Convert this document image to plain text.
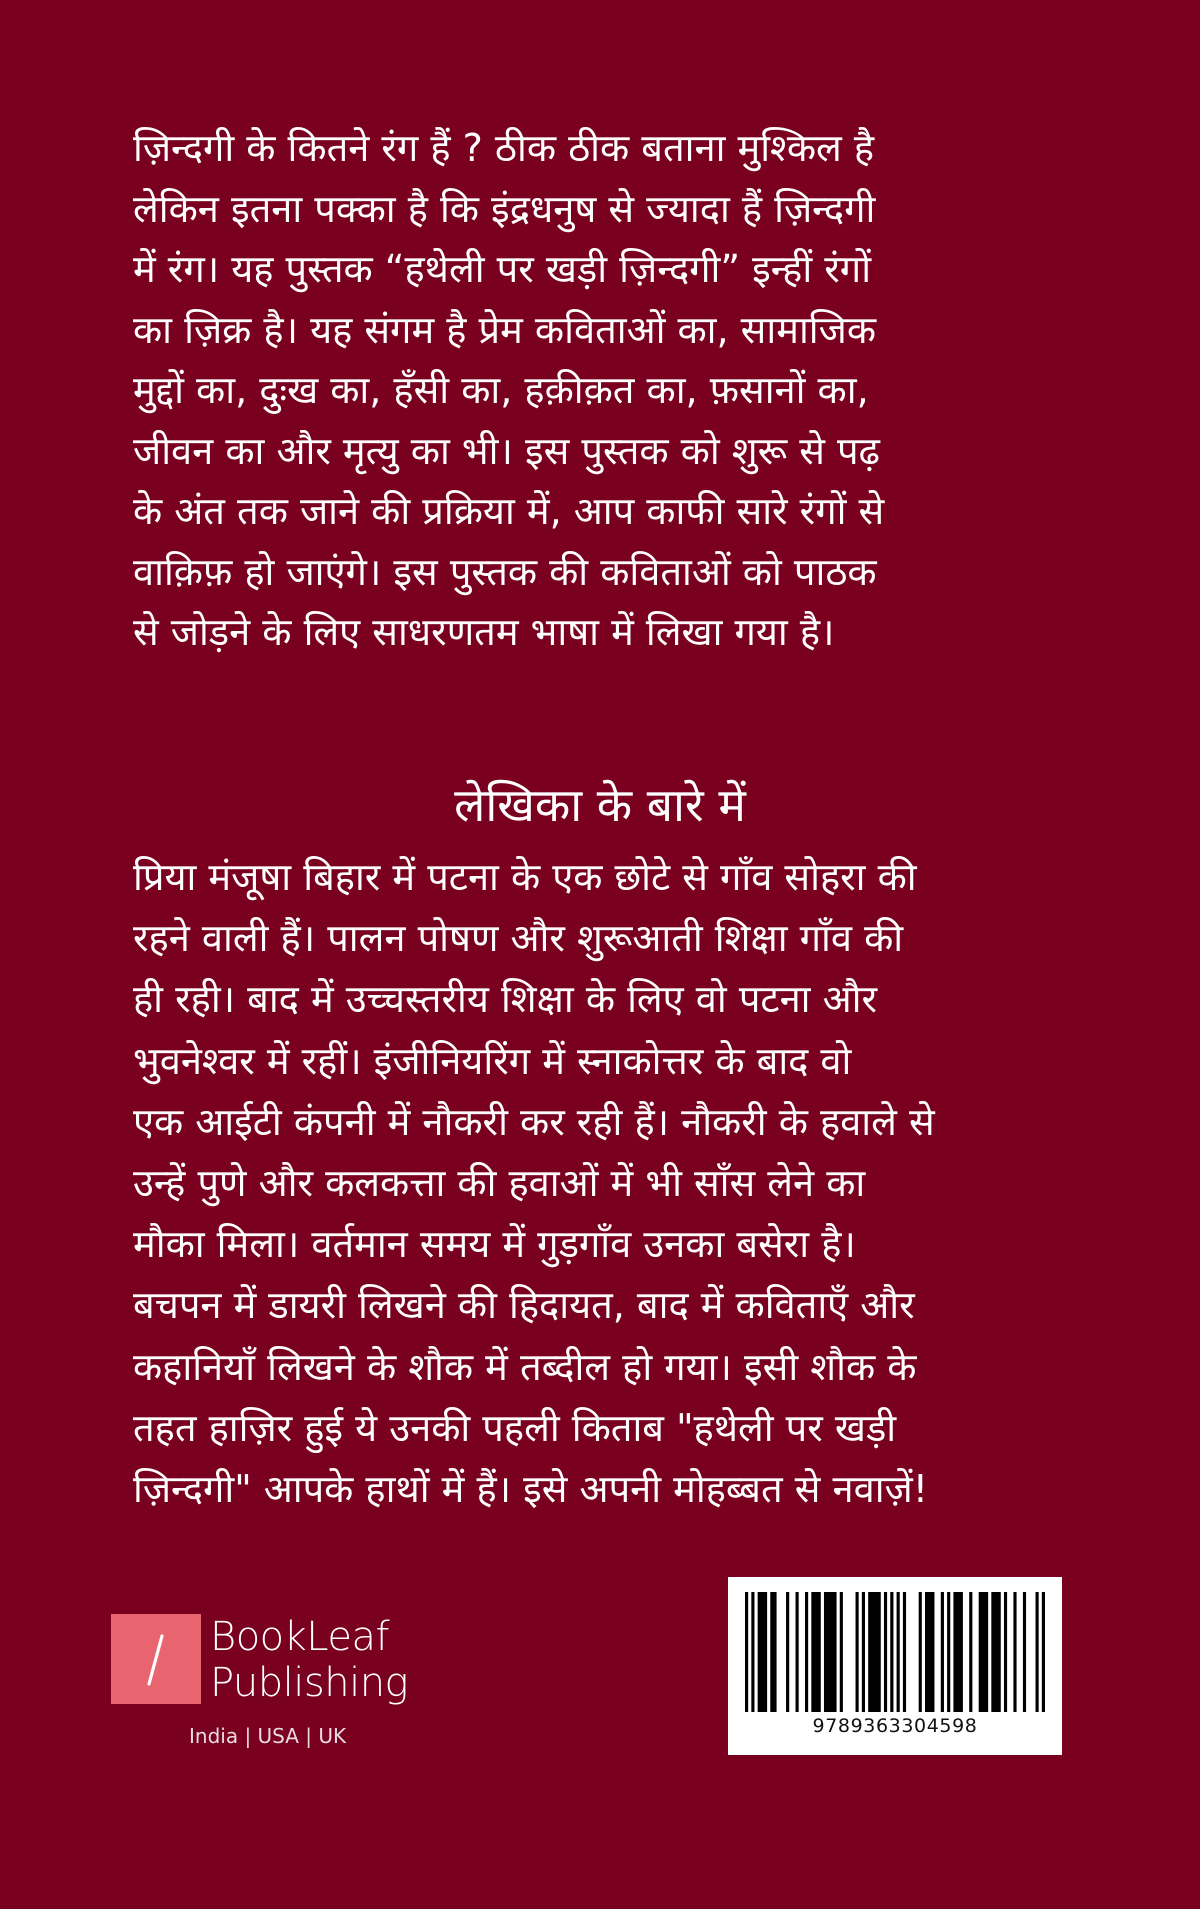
ज़िन्दगी के कितने रंग हैं ? ठीक ठीक बताना मुश्किल है
लेकिन इतना पक्का है कि इंद्रधनुष से ज्यादा हैं ज़िन्दगी
में रंग। यह पुस्तक “हथेली पर खड़ी ज़िन्दगी” इन्हीं रंगों
का ज़िक्र है। यह संगम है प्रेम कविताओं का, सामाजिक
मुद्दों का, दुःख का, हँसी का, हक़ीक़त का, फ़सानों का,
जीवन का और मृत्यु का भी। इस पुस्तक को शुरू से पढ़
के अंत तक जाने की प्रक्रिया में, आप काफी सारे रंगों से
वाक़िफ़ हो जाएंगे। इस पुस्तक की कविताओं को पाठक
से जोड़ने के लिए साधरणतम भाषा में लिखा गया है।
लेखिका के बारे में
प्रिया मंजूषा बिहार में पटना के एक छोटे से गाँव सोहरा की
रहने वाली हैं। पालन पोषण और शुरूआती शिक्षा गाँव की
ही रही। बाद में उच्चस्तरीय शिक्षा के लिए वो पटना और
भुवनेश्वर में रहीं। इंजीनियरिंग में स्नाकोत्तर के बाद वो
एक आईटी कंपनी में नौकरी कर रही हैं। नौकरी के हवाले से
उन्हें पुणे और कलकत्ता की हवाओं में भी साँस लेने का
मौका मिला। वर्तमान समय में गुड़गाँव उनका बसेरा है।
बचपन में डायरी लिखने की हिदायत, बाद में कविताएँ और
कहानियाँ लिखने के शौक में तब्दील हो गया। इसी शौक के
तहत हाज़िर हुई ये उनकी पहली किताब "हथेली पर खड़ी
ज़िन्दगी" आपके हाथों में हैं। इसे अपनी मोहब्बत से नवाज़ें!
BookLeaf
Publishing
India | USA | UK	9789363304598
